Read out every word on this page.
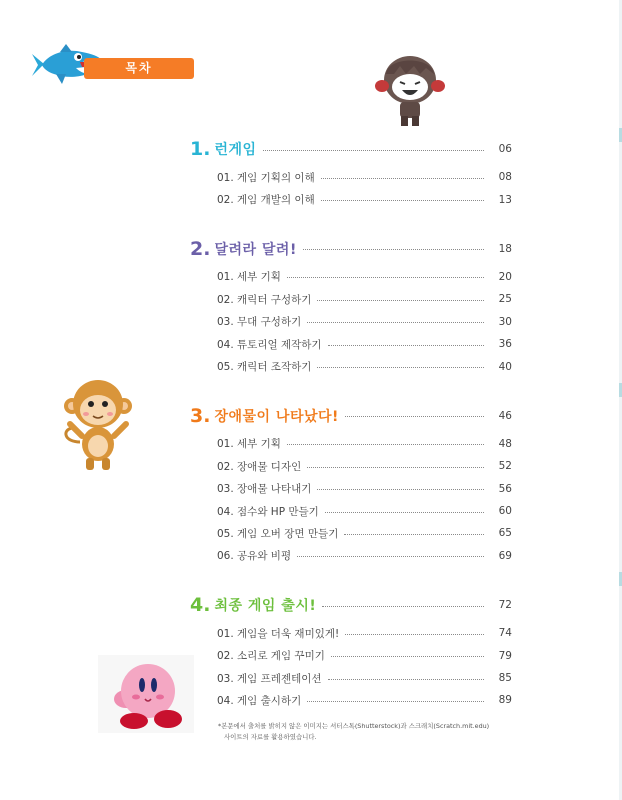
목차
1. 런게임	06
01. 게임 기획의 이해	08
02. 게임 개발의 이해	13
2. 달려라 달려!	18
01. 세부 기획	20
02. 캐릭터 구성하기	25
03. 무대 구성하기	30
04. 튜토리얼 제작하기	36
05. 캐릭터 조작하기	40
3. 장애물이 나타났다!	46
01. 세부 기획	48
02. 장애물 디자인	52
03. 장애물 나타내기	56
04. 점수와 HP 만들기	60
05. 게임 오버 장면 만들기	65
06. 공유와 비평	69
4. 최종 게임 출시!	72
01. 게임을 더욱 재미있게!	74
02. 소리로 게임 꾸미기	79
03. 게임 프레젠테이션	85
04. 게임 출시하기	89
*본문에서 출처를 밝히지 않은 이미지는 셔터스톡(Shutterstock)과 스크래치(Scratch.mit.edu)
사이트의 자료를 활용하였습니다.
